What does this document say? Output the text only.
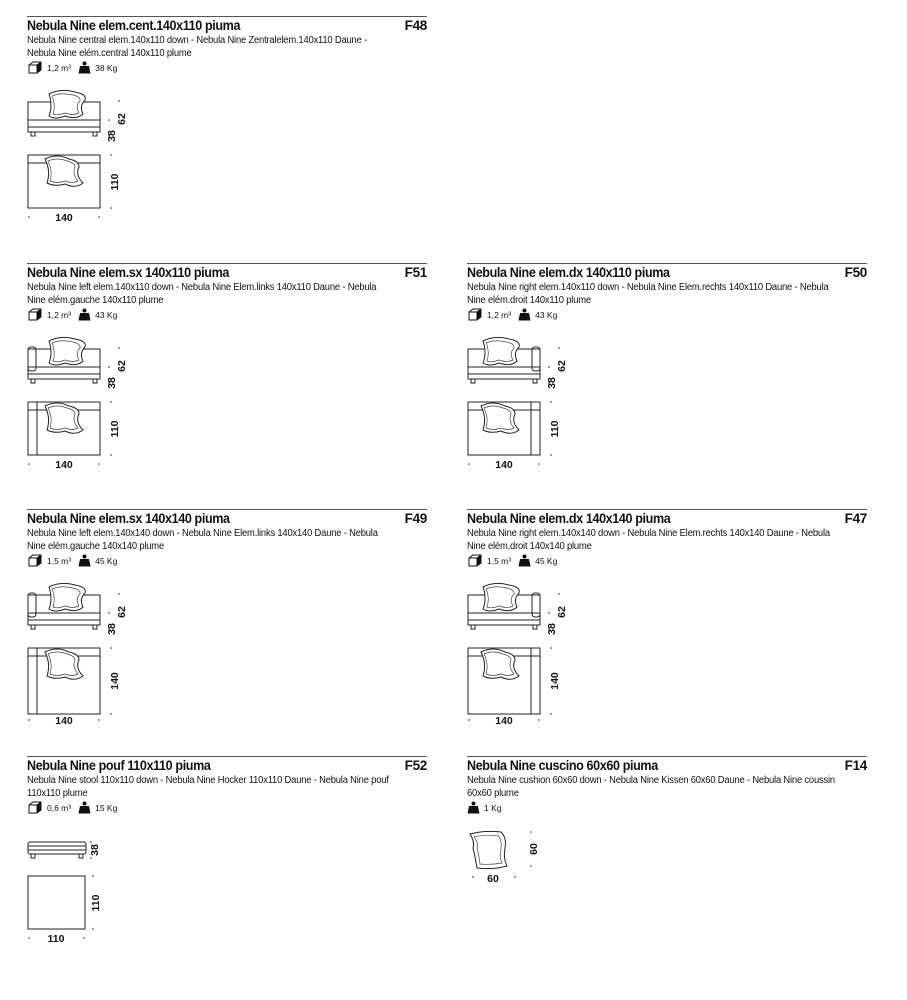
Nebula Nine elem.cent.140x110 piuma	F48
Nebula Nine central elem.140x110 down - Nebula Nine Zentralelem.140x110 Daune - Nebula Nine elém.central 140x110 plume
1,2 m³	38 Kg
.
38
62
110
140
Nebula Nine elem.sx 140x110 piuma	F51
Nebula Nine left elem.140x110 down - Nebula Nine Elem.links 140x110 Daune - Nebula Nine elém.gauche 140x110 plume
1,2 m³	43 Kg
38
62
110
140
Nebula Nine elem.dx 140x110 piuma	F50
Nebula Nine right elem.140x110 down - Nebula Nine Elem.rechts 140x110 Daune - Nebula Nine elém.droit 140x110 plume
1,2 m³	43 Kg
38
62
110
140
Nebula Nine elem.sx 140x140 piuma	F49
Nebula Nine left elem.140x140 down - Nebula Nine Elem.links 140x140 Daune - Nebula Nine elém.gauche 140x140 plume
1,5 m³	45 Kg
38
62
140
140
Nebula Nine elem.dx 140x140 piuma	F47
Nebula Nine right elem.140x140 down - Nebula Nine Elem.rechts 140x140 Daune - Nebula Nine elém.droit 140x140 plume
1,5 m³	45 Kg
38
62
140
140
Nebula Nine pouf 110x110 piuma	F52
Nebula Nine stool 110x110 down - Nebula Nine Hocker 110x110 Daune - Nebula Nine pouf 110x110 plume
0,6 m³	15 Kg
38
110
110
Nebula Nine cuscino 60x60 piuma	F14
Nebula Nine cushion 60x60 down - Nebula Nine Kissen 60x60 Daune - Nebula Nine coussin 60x60 plume
1 Kg
60
60
